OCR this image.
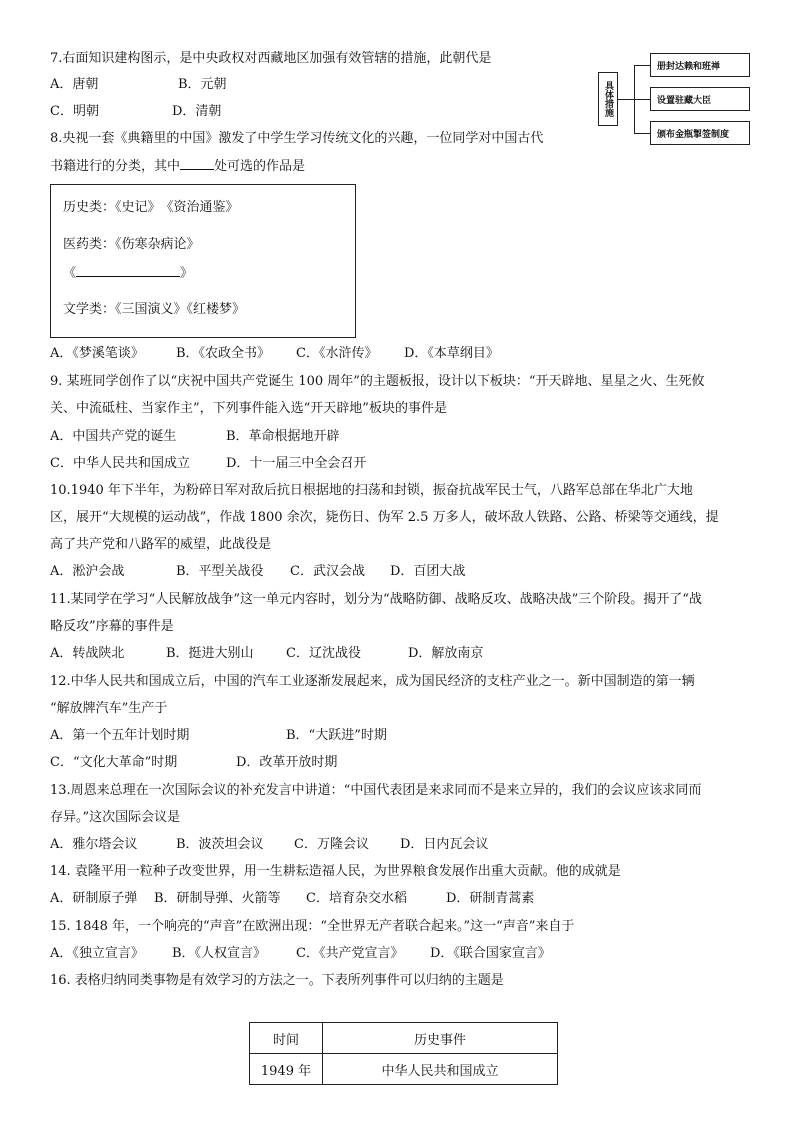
7.右面知识建构图示，是中央政权对西藏地区加强有效管辖的措施，此朝代是
A．唐朝	B．元朝
C．明朝	D．清朝	具体措施
册封达赖和班禅
设置驻藏大臣
颁布金瓶掣签制度
8.央视一套《典籍里的中国》激发了中学生学习传统文化的兴趣，一位同学对中国古代
书籍进行的分类，其中	处可选的作品是
历史类：《史记》　《资治通鉴》
医药类：《伤寒杂病论》
《	》
文学类：《三国演义》《红楼梦》
A．《梦溪笔谈》 B．《农政全书》 C．《水浒传》 D．《本草纲目》
9. 某班同学创作了以“庆祝中国共产党诞生 100 周年”的主题板报，设计以下板块：“开天辟地、星星之火、生死攸
关、中流砥柱、当家作主”，下列事件能入选“开天辟地”板块的事件是
A．中国共产党的诞生	B．革命根据地开辟
C．中华人民共和国成立	D．十一届三中全会召开
10.1940 年下半年，为粉碎日军对敌后抗日根据地的扫荡和封锁，振奋抗战军民士气，八路军总部在华北广大地
区，展开“大规模的运动战”，作战 1800 余次，毙伤日、伪军 2.5 万多人，破坏敌人铁路、公路、桥梁等交通线，提
高了共产党和八路军的威望，此战役是
A．淞沪会战	B．平型关战役 C．武汉会战 D．百团大战
11.某同学在学习“人民解放战争”这一单元内容时，划分为“战略防御、战略反攻、战略决战”三个阶段。揭开了“战
略反攻”序幕的事件是
A．转战陕北	B．挺进大别山 C．辽沈战役	D．解放南京
12.中华人民共和国成立后，中国的汽车工业逐渐发展起来，成为国民经济的支柱产业之一。新中国制造的第一辆
“解放牌汽车”生产于
A．第一个五年计划时期	B．“大跃进”时期
C．“文化大革命”时期	D．改革开放时期
13.周恩来总理在一次国际会议的补充发言中讲道：“中国代表团是来求同而不是来立异的，我们的会议应该求同而
存异。”这次国际会议是
A．雅尔塔会议	B．波茨坦会议 C．万隆会议 D．日内瓦会议
14. 袁隆平用一粒种子改变世界，用一生耕耘造福人民，为世界粮食发展作出重大贡献。他的成就是
A．研制原子弹 B．研制导弹、火箭等 C．培育杂交水稻	D．研制青蒿素
15. 1848 年，一个响亮的“声音”在欧洲出现：“全世界无产者联合起来。”这一“声音”来自于
A．《独立宣言》 B．《人权宣言》 C．《共产党宣言》 D．《联合国家宣言》
16. 表格归纳同类事物是有效学习的方法之一。下表所列事件可以归纳的主题是
时间	历史事件
1949 年	中华人民共和国成立
